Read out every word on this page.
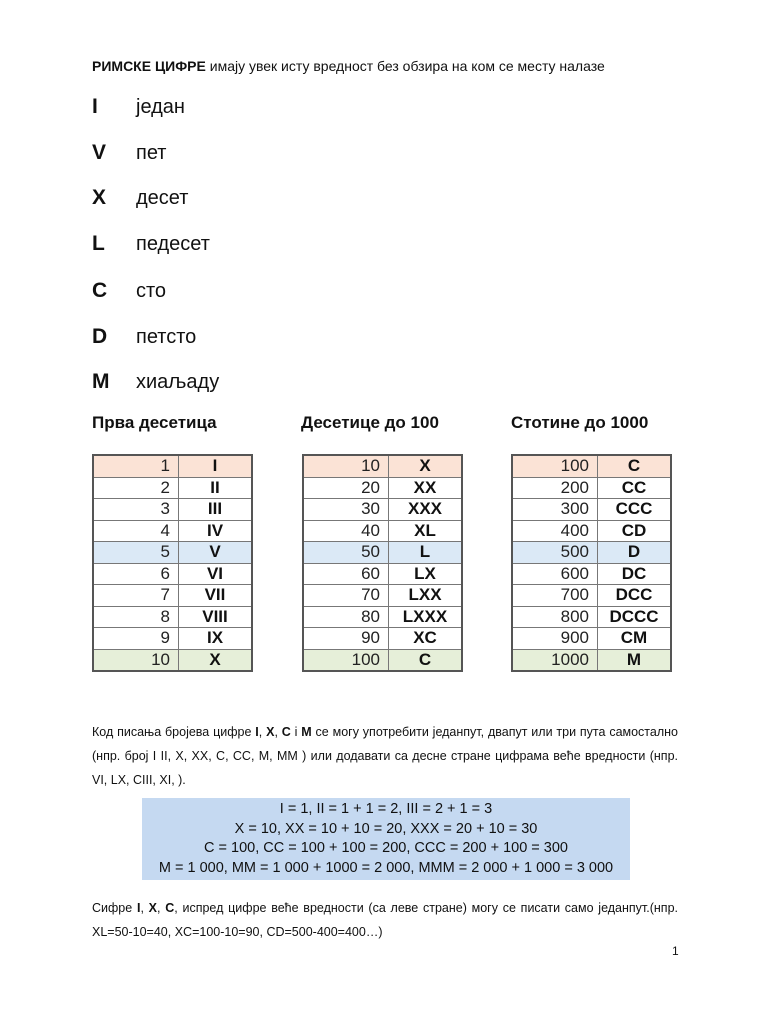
РИМСКЕ ЦИФРЕ имају увек исту вредност без обзира на ком се месту налазе
I	један
V	пет
X	десет
L	педесет
C	сто
D	петсто
M	хиаљаду
Прва десетица	Десетице до 100	Стотине до 1000
1	I
2	II
3	III
4	IV
5	V
6	VI
7	VII
8	VIII
9	IX
10	X
10	X
20	XX
30	XXX
40	XL
50	L
60	LX
70	LXX
80	LXXX
90	XC
100	C
100	C
200	CC
300	CCC
400	CD
500	D
600	DC
700	DCC
800	DCCC
900	CM
1000	M
Код писања бројева цифре I, X, C i M се могу употребити једанпут, двапут или три пута самостално (нпр. број I II, X, XX, C, CC, M, MM ) или додавати са десне стране цифрама веће вредности (нпр. VI, LX, CIII, XI, ).
I = 1, II = 1 + 1 = 2, III = 2 + 1 = 3
X = 10, XX = 10 + 10 = 20, XXX = 20 + 10 = 30
C = 100, CC = 100 + 100 = 200, CCC = 200 + 100 = 300
M = 1 000, MM = 1 000 + 1000 = 2 000, MMM = 2 000 + 1 000 = 3 000
Сифре I, X, C, испред цифре веће вредности (са леве стране) могу се писати само једанпут.(нпр. XL=50-10=40, XC=100-10=90, CD=500-400=400…)
1
